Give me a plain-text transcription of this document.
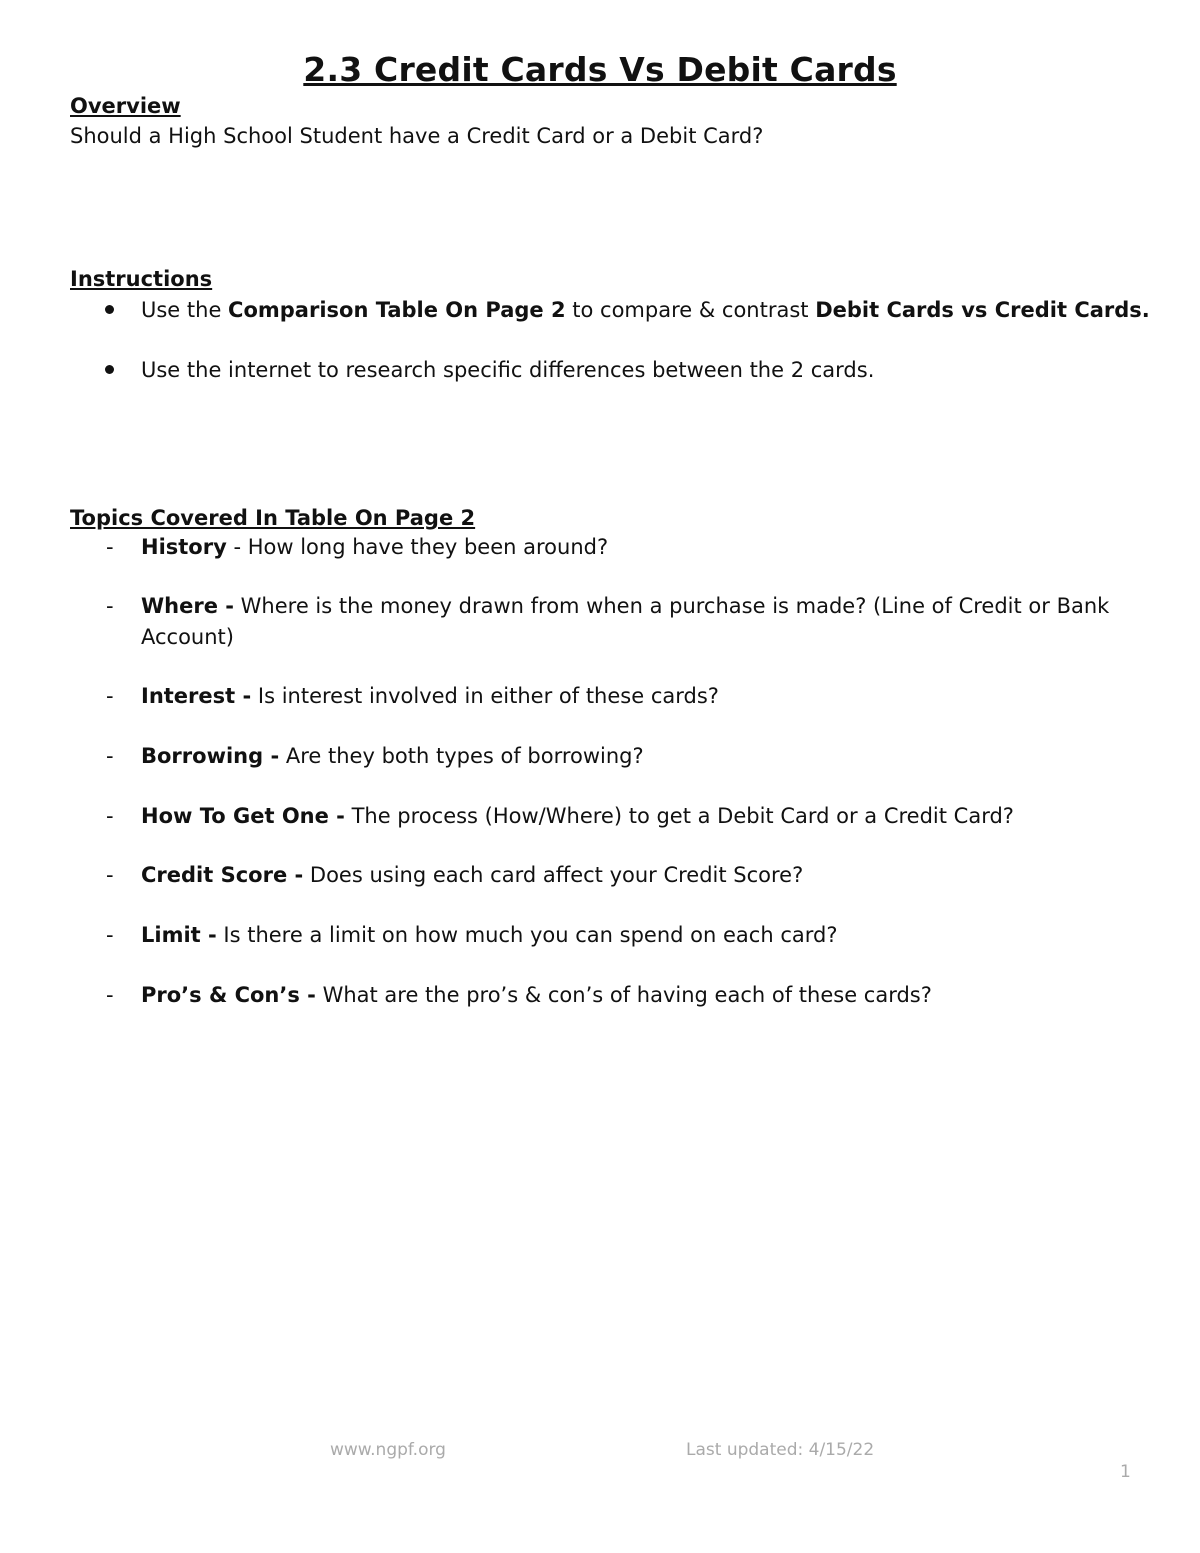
2.3 Credit Cards Vs Debit Cards
Overview

Should a High School Student have a Credit Card or a Debit Card?

Instructions
Use the Comparison Table On Page 2 to compare & contrast Debit Cards vs Credit Cards.
Use the internet to research specific differences between the 2 cards.
Topics Covered In Table On Page 2
- History - How long have they been around?
- Where - Where is the money drawn from when a purchase is made? (Line of Credit or Bank Account)
- Interest - Is interest involved in either of these cards?
- Borrowing - Are they both types of borrowing?
- How To Get One - The process (How/Where) to get a Debit Card or a Credit Card?
- Credit Score - Does using each card affect your Credit Score?
- Limit - Is there a limit on how much you can spend on each card?
- Pro’s & Con’s - What are the pro’s & con’s of having each of these cards?
www.ngpf.org	Last updated: 4/15/22
1
